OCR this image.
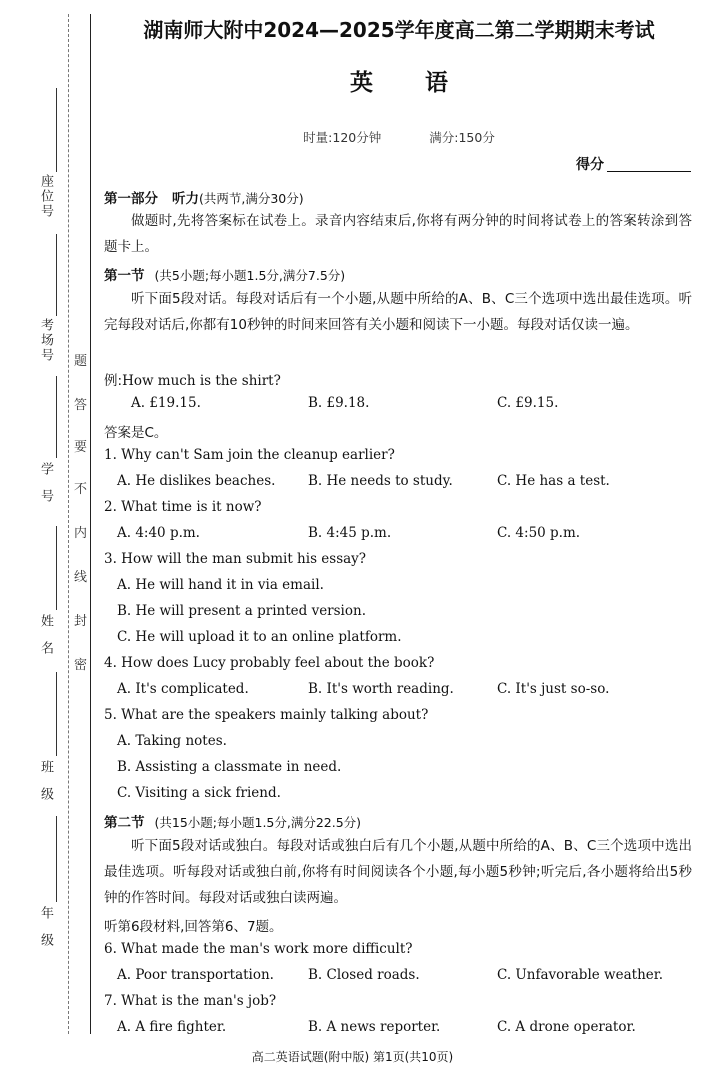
座位号
考场号
学号
姓名
班级
年级
题
答
要
不
内
线
封
密
湖南师大附中2024—2025学年度高二第二学期期末考试
英 语
时量:120分钟	满分:150分
得分
第一部分 听力(共两节,满分30分)
做题时,先将答案标在试卷上。录音内容结束后,你将有两分钟的时间将试卷上的答案转涂到答题卡上。
第一节 (共5小题;每小题1.5分,满分7.5分)
听下面5段对话。每段对话后有一个小题,从题中所给的A、B、C三个选项中选出最佳选项。听完每段对话后,你都有10秒钟的时间来回答有关小题和阅读下一小题。每段对话仅读一遍。
例:How much is the shirt?
A. £19.15.	B. £9.18.	C. £9.15.
答案是C。
1. Why can't Sam join the cleanup earlier?
A. He dislikes beaches. B. He needs to study.	C. He has a test.
2. What time is it now?
A. 4:40 p.m.	B. 4:45 p.m.	C. 4:50 p.m.
3. How will the man submit his essay?
A. He will hand it in via email.
B. He will present a printed version.
C. He will upload it to an online platform.
4. How does Lucy probably feel about the book?
A. It's complicated.	B. It's worth reading.	C. It's just so-so.
5. What are the speakers mainly talking about?
A. Taking notes.
B. Assisting a classmate in need.
C. Visiting a sick friend.
第二节 (共15小题;每小题1.5分,满分22.5分)
听下面5段对话或独白。每段对话或独白后有几个小题,从题中所给的A、B、C三个选项中选出最佳选项。听每段对话或独白前,你将有时间阅读各个小题,每小题5秒钟;听完后,各小题将给出5秒钟的作答时间。每段对话或独白读两遍。
听第6段材料,回答第6、7题。
6. What made the man's work more difficult?
A. Poor transportation.	B. Closed roads.	C. Unfavorable weather.
7. What is the man's job?
A. A fire fighter.	B. A news reporter.	C. A drone operator.
高二英语试题(附中版) 第1页(共10页)
